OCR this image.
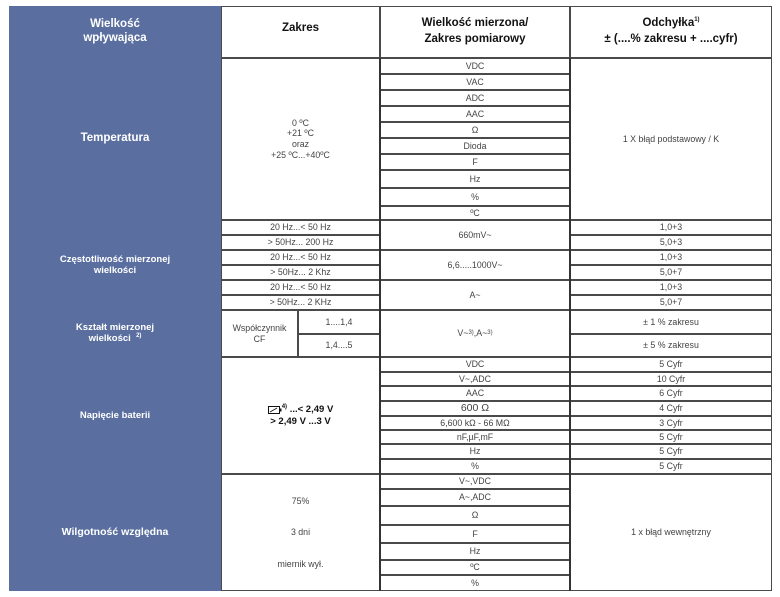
Wielkość
wpływająca
Zakres	Wielkość mierzona/
Zakres pomiarowy
Odchyłka$^{1)}$
± (....% zakresu + ....cyfr)
Temperatura
0 ºC
+21 ºC
oraz
+25 ºC...+40ºC
VDC
VAC
ADC
AAC
Ω
Dioda
F
Hz
%
ºC
1 X błąd podstawowy / K
Częstotliwość mierzonej
wielkości
20 Hz...< 50 Hz
> 50Hz... 200 Hz
20 Hz...< 50 Hz
> 50Hz... 2 Khz
20 Hz...< 50 Hz
> 50Hz... 2 KHz
660mV~
6,6.....1000V~
A~
1,0+3
5,0+3
1,0+3
5,0+7
1,0+3
5,0+7
Kształt mierzonej
wielkości $^{2)}$
Współczynnik
CF
1....1,4
1,4....5
V~ 3) ,A~ 3)
± 1 % zakresu
± 5 % zakresu
Napięcie baterii
$^{4)}$ ...< 2,49 V
> 2,49 V ...3 V
VDC
V~,ADC
AAC
600 Ω
6,600 kΩ - 66 MΩ
nF,µF,mF
Hz
%
5 Cyfr
10 Cyfr
6 Cyfr
4 Cyfr
3 Cyfr
5 Cyfr
5 Cyfr
5 Cyfr
Wilgotność względna
75%
3 dni
miernik wył.
V~,VDC
A~,ADC
Ω
F
Hz
ºC
%
1 x błąd wewnętrzny
